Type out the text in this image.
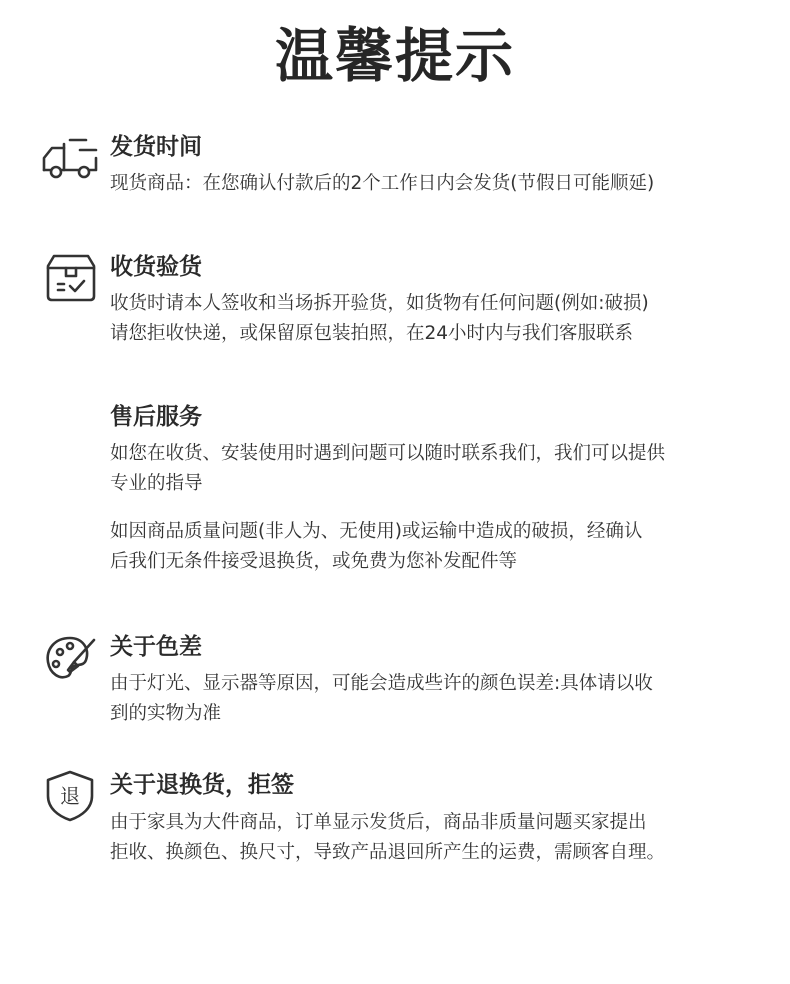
温馨提示
发货时间
现货商品：在您确认付款后的2个工作日内会发货(节假日可能顺延)
收货验货
收货时请本人签收和当场拆开验货，如货物有任何问题(例如:破损)
请您拒收快递，或保留原包装拍照，在24小时内与我们客服联系
售后服务
如您在收货、安装使用时遇到问题可以随时联系我们，我们可以提供
专业的指导
如因商品质量问题(非人为、无使用)或运输中造成的破损，经确认
后我们无条件接受退换货，或免费为您补发配件等
关于色差
由于灯光、显示器等原因，可能会造成些许的颜色误差:具体请以收
到的实物为准
退 关于退换货，拒签
由于家具为大件商品，订单显示发货后，商品非质量问题买家提出
拒收、换颜色、换尺寸，导致产品退回所产生的运费，需顾客自理。
